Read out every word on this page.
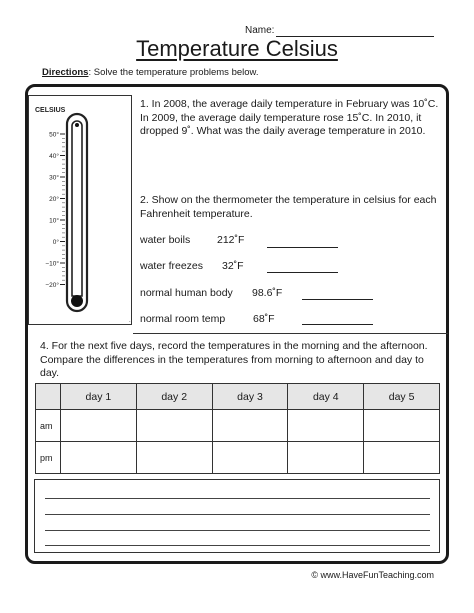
Name:
Temperature Celsius
Directions: Solve the temperature problems below.
CELSIUS
50°
40°
30°
20°
10°
0°
−10°
−20°
.
1. In 2008, the average daily temperature in February was 10˚C. In 2009, the average daily temperature rose 15˚C. In 2010, it dropped 9˚. What was the daily average temperature in 2010.
2. Show on the thermometer the temperature in celsius for each Fahrenheit temperature.
water boils	212˚F
water freezes 32˚F
normal human body 98.6˚F
normal room temp	68˚F
4. For the next five days, record the temperatures in the morning and the afternoon. Compare the differences in the temperatures from morning to afternoon and day to day.
	day 1	day 2	day 3	day 4	day 5
am					
pm					
© www.HaveFunTeaching.com
